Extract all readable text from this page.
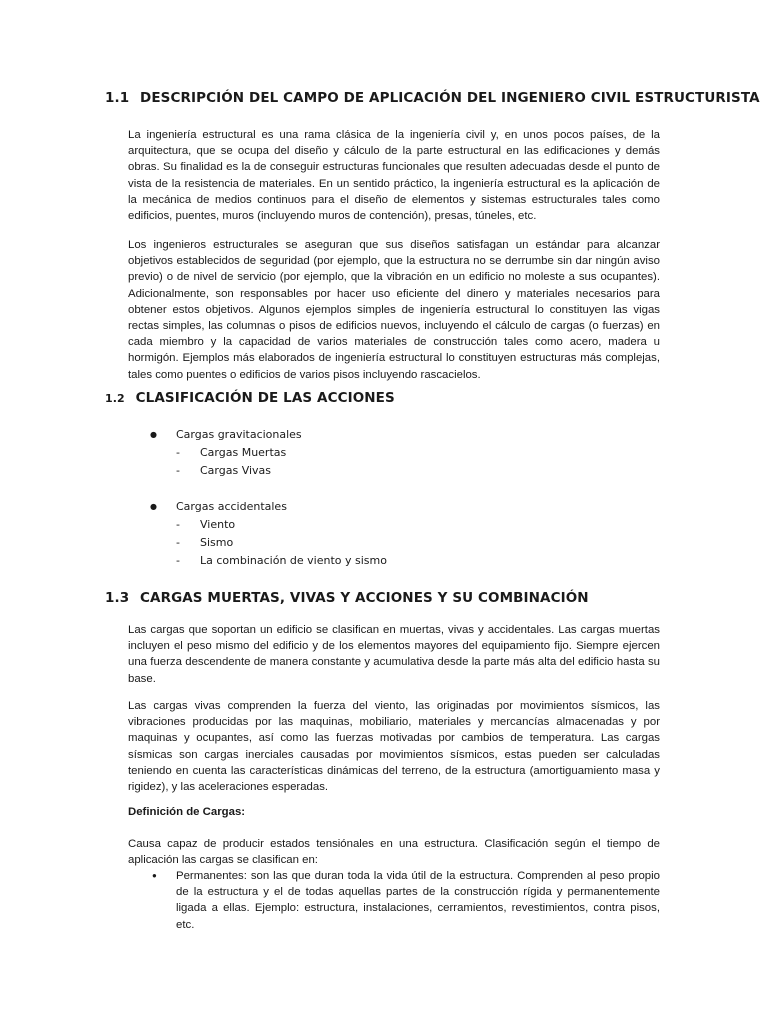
1.1 DESCRIPCIÓN DEL CAMPO DE APLICACIÓN DEL INGENIERO CIVIL ESTRUCTURISTA

La ingeniería estructural es una rama clásica de la ingeniería civil y, en unos pocos países, de la arquitectura, que se ocupa del diseño y cálculo de la parte estructural en las edificaciones y demás obras. Su finalidad es la de conseguir estructuras funcionales que resulten adecuadas desde el punto de vista de la resistencia de materiales. En un sentido práctico, la ingeniería estructural es la aplicación de la mecánica de medios continuos para el diseño de elementos y sistemas estructurales tales como edificios, puentes, muros (incluyendo muros de contención), presas, túneles, etc.

Los ingenieros estructurales se aseguran que sus diseños satisfagan un estándar para alcanzar objetivos establecidos de seguridad (por ejemplo, que la estructura no se derrumbe sin dar ningún aviso previo) o de nivel de servicio (por ejemplo, que la vibración en un edificio no moleste a sus ocupantes). Adicionalmente, son responsables por hacer uso eficiente del dinero y materiales necesarios para obtener estos objetivos. Algunos ejemplos simples de ingeniería estructural lo constituyen las vigas rectas simples, las columnas o pisos de edificios nuevos, incluyendo el cálculo de cargas (o fuerzas) en cada miembro y la capacidad de varios materiales de construcción tales como acero, madera u hormigón. Ejemplos más elaborados de ingeniería estructural lo constituyen estructuras más complejas, tales como puentes o edificios de varios pisos incluyendo rascacielos.

1.2 CLASIFICACIÓN DE LAS ACCIONES
● Cargas gravitacionales
- Cargas Muertas
- Cargas Vivas
● Cargas accidentales
- Viento
- Sismo
- La combinación de viento y sismo
1.3 CARGAS MUERTAS, VIVAS Y ACCIONES Y SU COMBINACIÓN

Las cargas que soportan un edificio se clasifican en muertas, vivas y accidentales. Las cargas muertas incluyen el peso mismo del edificio y de los elementos mayores del equipamiento fijo. Siempre ejercen una fuerza descendente de manera constante y acumulativa desde la parte más alta del edificio hasta su base.

Las cargas vivas comprenden la fuerza del viento, las originadas por movimientos sísmicos, las vibraciones producidas por las maquinas, mobiliario, materiales y mercancías almacenadas y por maquinas y ocupantes, así como las fuerzas motivadas por cambios de temperatura. Las cargas sísmicas son cargas inerciales causadas por movimientos sísmicos, estas pueden ser calculadas teniendo en cuenta las características dinámicas del terreno, de la estructura (amortiguamiento masa y rigidez), y las aceleraciones esperadas.

Definición de Cargas:

Causa capaz de producir estados tensiónales en una estructura. Clasificación según el tiempo de aplicación las cargas se clasifican en:

● Permanentes: son las que duran toda la vida útil de la estructura. Comprenden al peso propio de la estructura y el de todas aquellas partes de la construcción rígida y permanentemente ligada a ellas. Ejemplo: estructura, instalaciones, cerramientos, revestimientos, contra pisos, etc.
